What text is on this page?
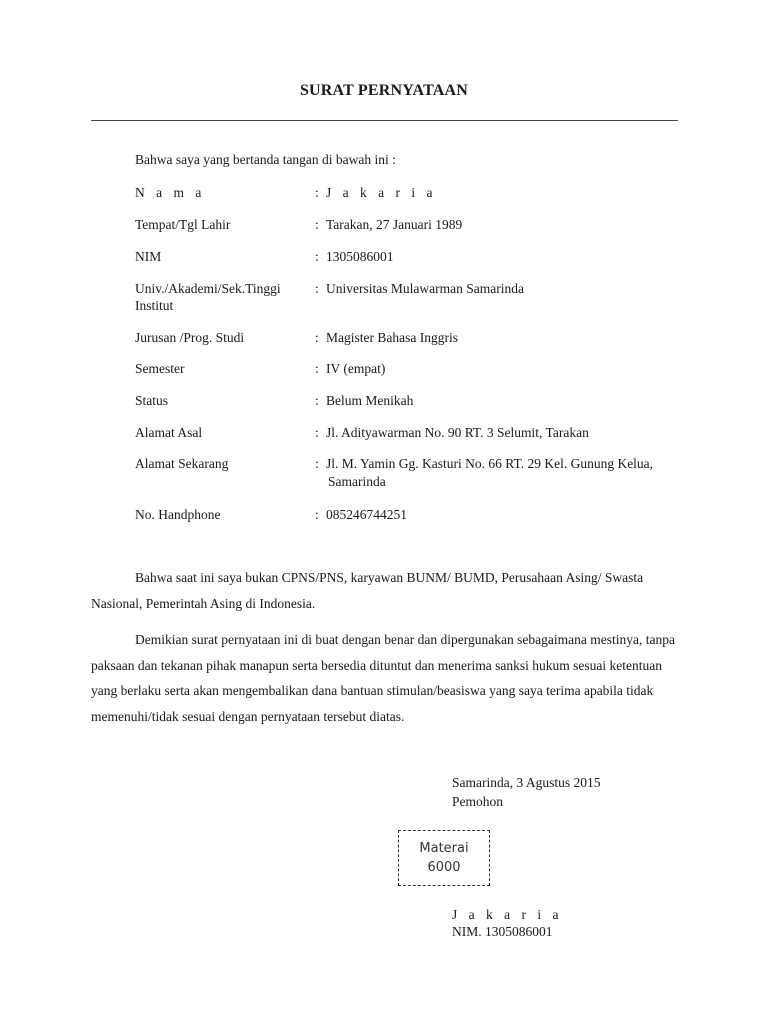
SURAT PERNYATAAN
Bahwa saya yang bertanda tangan di bawah ini :
N a m a	: J a k a r i a
Tempat/Tgl Lahir	: Tarakan, 27 Januari 1989
NIM	: 1305086001
Univ./Akademi/Sek.Tinggi Institut
: Universitas Mulawarman Samarinda
Jurusan /Prog. Studi	: Magister Bahasa Inggris
Semester	: IV (empat)
Status	: Belum Menikah
Alamat Asal	: Jl. Adityawarman No. 90 RT. 3 Selumit, Tarakan
Alamat Sekarang	: Jl. M. Yamin Gg. Kasturi No. 66 RT. 29 Kel. Gunung Kelua, Samarinda
No. Handphone	: 085246744251
Bahwa saat ini saya bukan CPNS/PNS, karyawan BUNM/ BUMD, Perusahaan Asing/ Swasta Nasional, Pemerintah Asing di Indonesia.
Demikian surat pernyataan ini di buat dengan benar dan dipergunakan sebagaimana mestinya, tanpa paksaan dan tekanan pihak manapun serta bersedia dituntut dan menerima sanksi hukum sesuai ketentuan yang berlaku serta akan mengembalikan dana bantuan stimulan/beasiswa yang saya terima apabila tidak memenuhi/tidak sesuai dengan pernyataan tersebut diatas.
Samarinda, 3 Agustus 2015
Pemohon
Materai
6000
J a k a r i a
NIM. 1305086001
